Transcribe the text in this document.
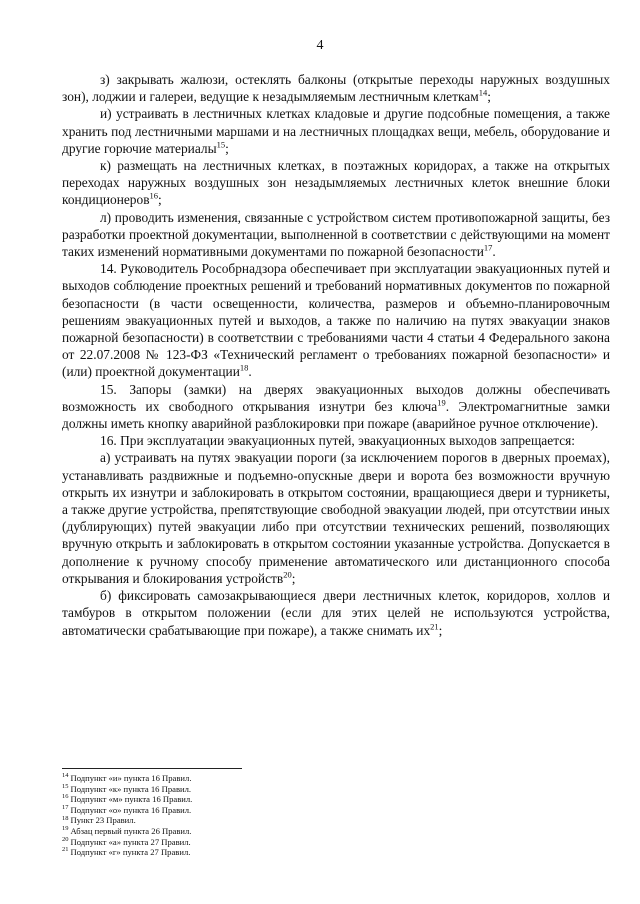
4

з) закрывать жалюзи, остеклять балконы (открытые переходы наружных воздушных зон), лоджии и галереи, ведущие к незадымляемым лестничным клеткам$^{14}$;

и) устраивать в лестничных клетках кладовые и другие подсобные помещения, а также хранить под лестничными маршами и на лестничных площадках вещи, мебель, оборудование и другие горючие материалы$^{15}$;

к) размещать на лестничных клетках, в поэтажных коридорах, а также на открытых переходах наружных воздушных зон незадымляемых лестничных клеток внешние блоки кондиционеров$^{16}$;

л) проводить изменения, связанные с устройством систем противопожарной защиты, без разработки проектной документации, выполненной в соответствии с действующими на момент таких изменений нормативными документами по пожарной безопасности$^{17}$.

14. Руководитель Рособрнадзора обеспечивает при эксплуатации эвакуационных путей и выходов соблюдение проектных решений и требований нормативных документов по пожарной безопасности (в части освещенности, количества, размеров и объемно-планировочным решениям эвакуационных путей и выходов, а также по наличию на путях эвакуации знаков пожарной безопасности) в соответствии с требованиями части 4 статьи 4 Федерального закона от 22.07.2008 № 123-ФЗ «Технический регламент о требованиях пожарной безопасности» и (или) проектной документации$^{18}$.

15. Запоры (замки) на дверях эвакуационных выходов должны обеспечивать возможность их свободного открывания изнутри без ключа$^{19}$. Электромагнитные замки должны иметь кнопку аварийной разблокировки при пожаре (аварийное ручное отключение).

16. При эксплуатации эвакуационных путей, эвакуационных выходов запрещается:

а) устраивать на путях эвакуации пороги (за исключением порогов в дверных проемах), устанавливать раздвижные и подъемно-опускные двери и ворота без возможности вручную открыть их изнутри и заблокировать в открытом состоянии, вращающиеся двери и турникеты, а также другие устройства, препятствующие свободной эвакуации людей, при отсутствии иных (дублирующих) путей эвакуации либо при отсутствии технических решений, позволяющих вручную открыть и заблокировать в открытом состоянии указанные устройства. Допускается в дополнение к ручному способу применение автоматического или дистанционного способа открывания и блокирования устройств$^{20}$;

б) фиксировать самозакрывающиеся двери лестничных клеток, коридоров, холлов и тамбуров в открытом положении (если для этих целей не используются устройства, автоматически срабатывающие при пожаре), а также снимать $их^{21}$;

$^{14}$ Подпункт «и» пункта 16 Правил.
$^{15}$ Подпункт «к» пункта 16 Правил.
$^{16}$ Подпункт «м» пункта 16 Правил.
$^{17}$ Подпункт «о» пункта 16 Правил.
$^{18}$ Пункт 23 Правил.
$^{19}$ Абзац первый пункта 26 Правил.
$^{20}$ Подпункт «а» пункта 27 Правил.
$^{21}$ Подпункт «г» пункта 27 Правил.
